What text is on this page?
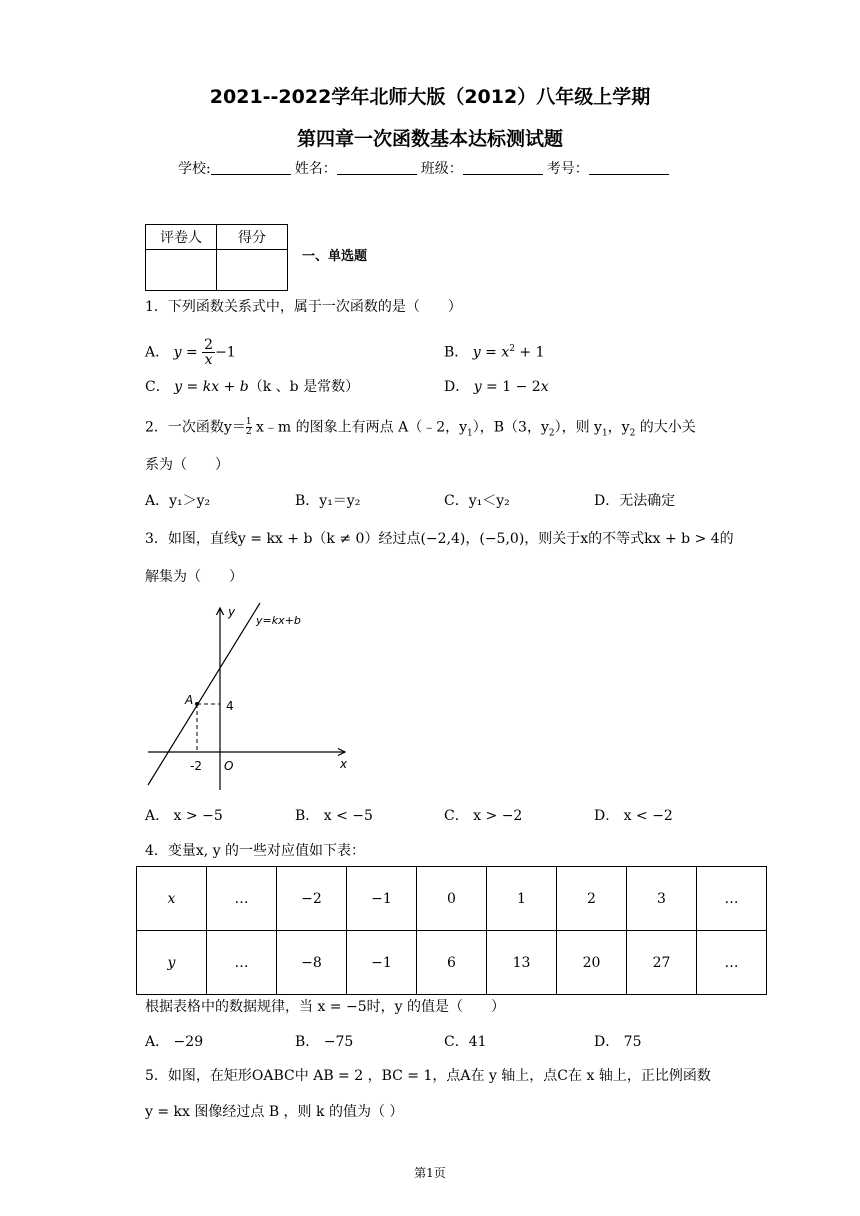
2021--2022学年北师大版（2012）八年级上学期
第四章一次函数基本达标测试题
学校:	姓名：	班级：	考号：
评卷人	得分

一、单选题
1．下列函数关系式中，属于一次函数的是（　　）
A． $y = \frac{2}{x} -1$	B． $y = x^2 + 1$
C． y = kx + b（k 、b 是常数）	D． y = 1 − 2x
2．一次函数$y= \frac{1}{2}$ x﹣m 的图象上有两点 A（﹣2，$y_1$），B（3，$y_2$），则 $y_1$，$y_2$ 的大小关
系为（　　）
A．y₁＞y₂	B．y₁＝y₂	C．y₁＜y₂	D．无法确定
3．如图，直线y = kx + b（k ≠ 0）经过点(−2,4)，(−5,0)，则关于x的不等式kx + b > 4的
解集为（　　）
y=kx+b
y
x
A	4
-2 O
A． x > −5	B． x < −5	C． x > −2	D． x < −2
4．变量x, y 的一些对应值如下表：
x	…	−2	−1	0	1	2	3	…
y	…	−8	−1	6	13	20	27	…
根据表格中的数据规律，当 x = −5时，y 的值是（　　）
A． −29	B． −75	C．41	D． 75
5．如图，在矩形OABC中 AB = 2 ，BC = 1，点A在 y 轴上，点C在 x 轴上，正比例函数
y = kx 图像经过点 B ，则 k 的值为（ ）
第1页
